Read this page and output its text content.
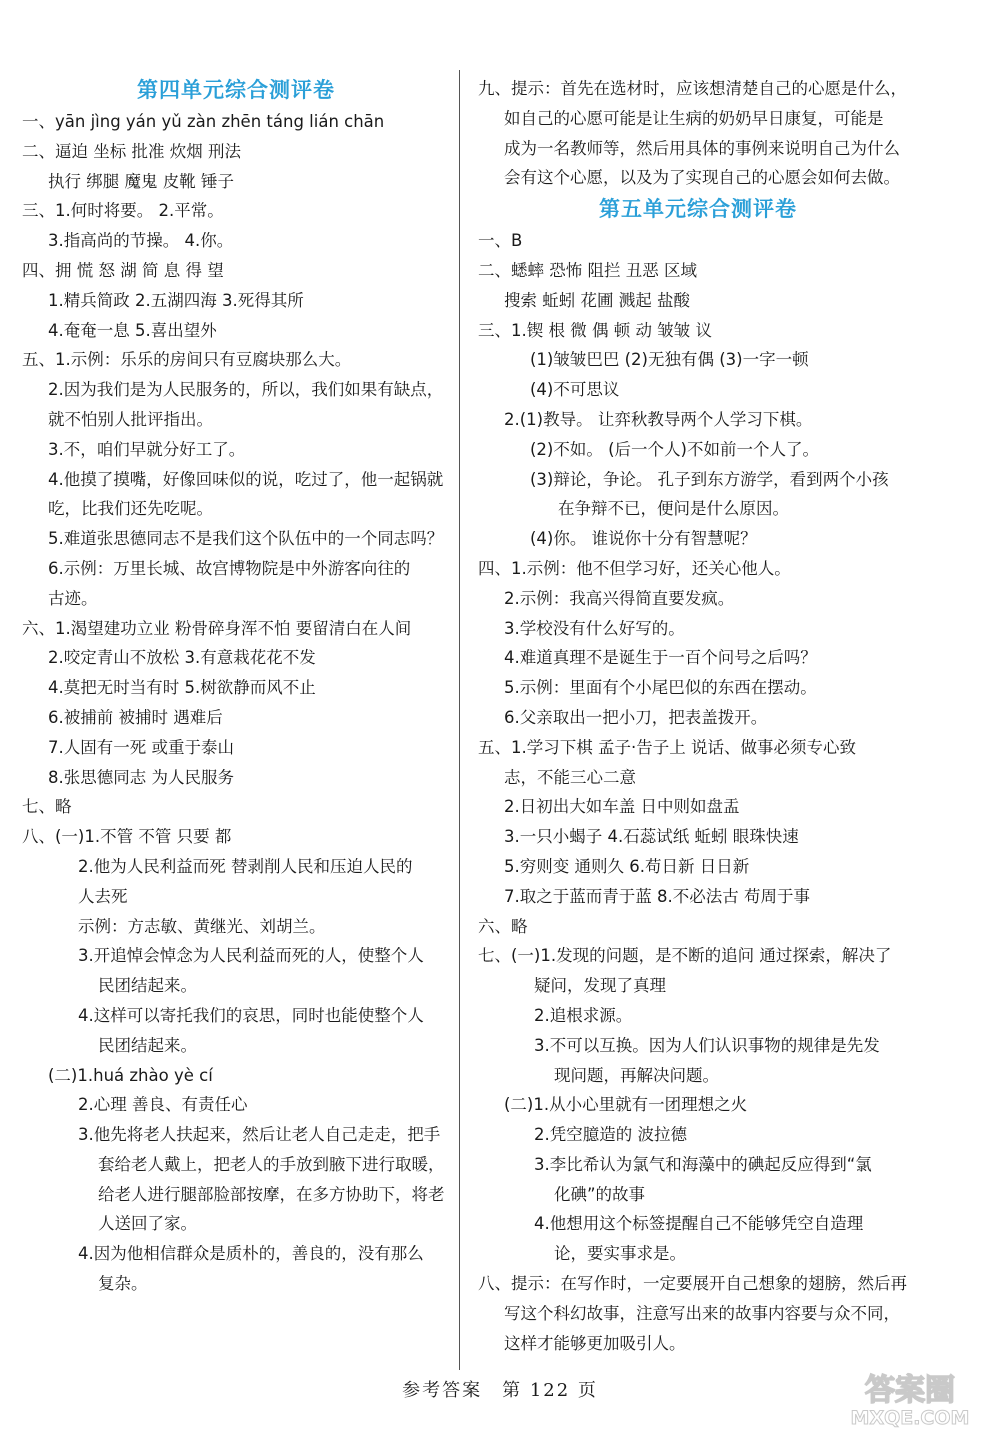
第四单元综合测评卷
一、yān jìng yán yǔ zàn zhēn táng lián chān
二、逼迫 坐标 批准 炊烟 刑法
执行 绑腿 魔鬼 皮靴 锤子
三、1.何时将要。 2.平常。
3.指高尚的节操。 4.你。
四、拥 慌 怒 湖 简 息 得 望
1.精兵简政 2.五湖四海 3.死得其所
4.奄奄一息 5.喜出望外
五、1.示例：乐乐的房间只有豆腐块那么大。
2.因为我们是为人民服务的，所以，我们如果有缺点，
就不怕别人批评指出。
3.不，咱们早就分好工了。
4.他摸了摸嘴，好像回味似的说，吃过了，他一起锅就
吃，比我们还先吃呢。
5.难道张思德同志不是我们这个队伍中的一个同志吗？
6.示例：万里长城、故宫博物院是中外游客向往的
古迹。
六、1.渴望建功立业 粉骨碎身浑不怕 要留清白在人间
2.咬定青山不放松 3.有意栽花花不发
4.莫把无时当有时 5.树欲静而风不止
6.被捕前 被捕时 遇难后
7.人固有一死 或重于泰山
8.张思德同志 为人民服务
七、略
八、(一)1.不管 不管 只要 都
2.他为人民利益而死 替剥削人民和压迫人民的
人去死
示例：方志敏、黄继光、刘胡兰。
3.开追悼会悼念为人民利益而死的人，使整个人
民团结起来。
4.这样可以寄托我们的哀思，同时也能使整个人
民团结起来。
(二)1.huá zhào yè cí
2.心理 善良、有责任心
3.他先将老人扶起来，然后让老人自己走走，把手
套给老人戴上，把老人的手放到腋下进行取暖，
给老人进行腿部脸部按摩，在多方协助下，将老
人送回了家。
4.因为他相信群众是质朴的，善良的，没有那么
复杂。
九、提示：首先在选材时，应该想清楚自己的心愿是什么，
如自己的心愿可能是让生病的奶奶早日康复，可能是
成为一名教师等，然后用具体的事例来说明自己为什么
会有这个心愿，以及为了实现自己的心愿会如何去做。
第五单元综合测评卷
一、B
二、蟋蟀 恐怖 阻拦 丑恶 区域
搜索 蚯蚓 花圃 溅起 盐酸
三、1.锲 根 微 偶 顿 动 皱皱 议
(1)皱皱巴巴 (2)无独有偶 (3)一字一顿
(4)不可思议
2.(1)教导。 让弈秋教导两个人学习下棋。
(2)不如。 (后一个人)不如前一个人了。
(3)辩论，争论。 孔子到东方游学，看到两个小孩
在争辩不已，便问是什么原因。
(4)你。 谁说你十分有智慧呢？
四、1.示例：他不但学习好，还关心他人。
2.示例：我高兴得简直要发疯。
3.学校没有什么好写的。
4.难道真理不是诞生于一百个问号之后吗？
5.示例：里面有个小尾巴似的东西在摆动。
6.父亲取出一把小刀，把表盖拨开。
五、1.学习下棋 孟子·告子上 说话、做事必须专心致
志，不能三心二意
2.日初出大如车盖 日中则如盘盂
3.一只小蝎子 4.石蕊试纸 蚯蚓 眼珠快速
5.穷则变 通则久 6.苟日新 日日新
7.取之于蓝而青于蓝 8.不必法古 苟周于事
六、略
七、(一)1.发现的问题，是不断的追问 通过探索，解决了
疑问，发现了真理
2.追根求源。
3.不可以互换。因为人们认识事物的规律是先发
现问题，再解决问题。
(二)1.从小心里就有一团理想之火
2.凭空臆造的 波拉德
3.李比希认为氯气和海藻中的碘起反应得到“氯
化碘”的故事
4.他想用这个标签提醒自己不能够凭空自造理
论，要实事求是。
八、提示：在写作时，一定要展开自己想象的翅膀，然后再
写这个科幻故事，注意写出来的故事内容要与众不同，
这样才能够更加吸引人。
参考答案　第 122 页	答案圈
MXQE.COM
